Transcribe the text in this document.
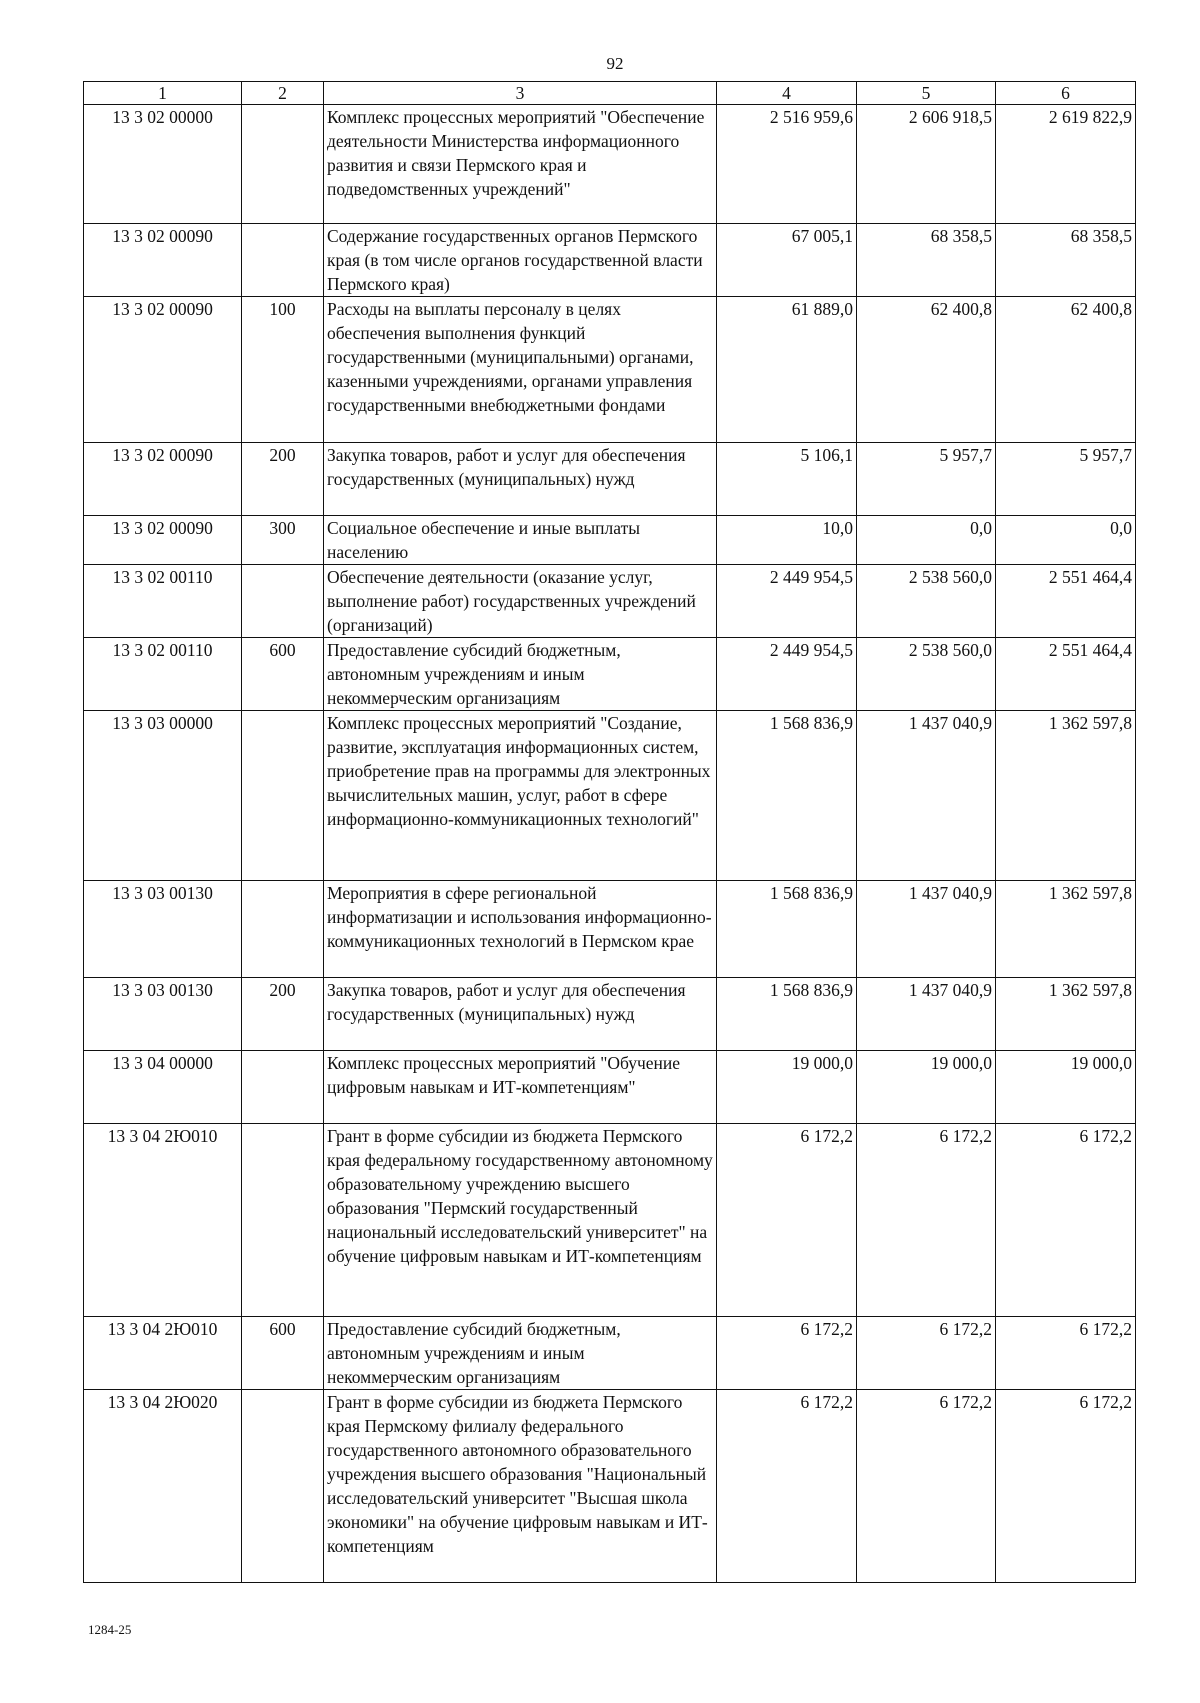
92
1	2	3	4	5	6
13 3 02 00000		Комплекс процессных мероприятий "Обеспечение деятельности Министерства информационного развития и связи Пермского края и подведомственных учреждений"	2 516 959,6	2 606 918,5	2 619 822,9
13 3 02 00090		Содержание государственных органов Пермского края (в том числе органов государственной власти Пермского края)	67 005,1	68 358,5	68 358,5
13 3 02 00090	100	Расходы на выплаты персоналу в целях обеспечения выполнения функций государственными (муниципальными) органами, казенными учреждениями, органами управления государственными внебюджетными фондами	61 889,0	62 400,8	62 400,8
13 3 02 00090	200	Закупка товаров, работ и услуг для обеспечения государственных (муниципальных) нужд	5 106,1	5 957,7	5 957,7
13 3 02 00090	300	Социальное обеспечение и иные выплаты населению	10,0	0,0	0,0
13 3 02 00110		Обеспечение деятельности (оказание услуг, выполнение работ) государственных учреждений (организаций)	2 449 954,5	2 538 560,0	2 551 464,4
13 3 02 00110	600	Предоставление субсидий бюджетным, автономным учреждениям и иным некоммерческим организациям	2 449 954,5	2 538 560,0	2 551 464,4
13 3 03 00000		Комплекс процессных мероприятий "Создание, развитие, эксплуатация информационных систем, приобретение прав на программы для электронных вычислительных машин, услуг, работ в сфере информационно-коммуникационных технологий"	1 568 836,9	1 437 040,9	1 362 597,8
13 3 03 00130		Мероприятия в сфере региональной информатизации и использования информационно-коммуникационных технологий в Пермском крае	1 568 836,9	1 437 040,9	1 362 597,8
13 3 03 00130	200	Закупка товаров, работ и услуг для обеспечения государственных (муниципальных) нужд	1 568 836,9	1 437 040,9	1 362 597,8
13 3 04 00000		Комплекс процессных мероприятий "Обучение цифровым навыкам и ИТ-компетенциям"	19 000,0	19 000,0	19 000,0
13 3 04 2Ю010		Грант в форме субсидии из бюджета Пермского края федеральному государственному автономному образовательному учреждению высшего образования "Пермский государственный национальный исследовательский университет" на обучение цифровым навыкам и ИТ-компетенциям	6 172,2	6 172,2	6 172,2
13 3 04 2Ю010	600	Предоставление субсидий бюджетным, автономным учреждениям и иным некоммерческим организациям	6 172,2	6 172,2	6 172,2
13 3 04 2Ю020		Грант в форме субсидии из бюджета Пермского края Пермскому филиалу федерального государственного автономного образовательного учреждения высшего образования "Национальный исследовательский университет "Высшая школа экономики" на обучение цифровым навыкам и ИТ-компетенциям	6 172,2	6 172,2	6 172,2
1284-25
